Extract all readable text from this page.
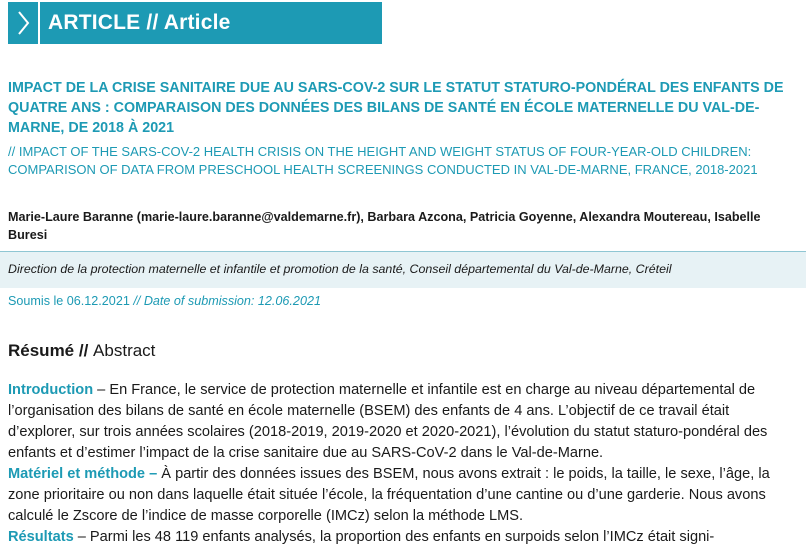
ARTICLE // Article
IMPACT DE LA CRISE SANITAIRE DUE AU SARS-COV-2 SUR LE STATUT STATURO-PONDÉRAL DES ENFANTS DE QUATRE ANS : COMPARAISON DES DONNÉES DES BILANS DE SANTÉ EN ÉCOLE MATERNELLE DU VAL-DE-MARNE, DE 2018 À 2021
// IMPACT OF THE SARS-COV-2 HEALTH CRISIS ON THE HEIGHT AND WEIGHT STATUS OF FOUR-YEAR-OLD CHILDREN: COMPARISON OF DATA FROM PRESCHOOL HEALTH SCREENINGS CONDUCTED IN VAL-DE-MARNE, FRANCE, 2018-2021
Marie-Laure Baranne (marie-laure.baranne@valdemarne.fr), Barbara Azcona, Patricia Goyenne, Alexandra Moutereau, Isabelle Buresi
Direction de la protection maternelle et infantile et promotion de la santé, Conseil départemental du Val-de-Marne, Créteil
Soumis le 06.12.2021 // Date of submission: 12.06.2021
Résumé // Abstract

Introduction – En France, le service de protection maternelle et infantile est en charge au niveau départemental de l’organisation des bilans de santé en école maternelle (BSEM) des enfants de 4 ans. L’objectif de ce travail était d’explorer, sur trois années scolaires (2018-2019, 2019-2020 et 2020-2021), l’évolution du statut staturo-pondéral des enfants et d’estimer l’impact de la crise sanitaire due au SARS-CoV-2 dans le Val-de-Marne.

Matériel et méthode – À partir des données issues des BSEM, nous avons extrait : le poids, la taille, le sexe, l’âge, la zone prioritaire ou non dans laquelle était située l’école, la fréquentation d’une cantine ou d’une garderie. Nous avons calculé le Zscore de l’indice de masse corporelle (IMCz) selon la méthode LMS.

Résultats – Parmi les 48 119 enfants analysés, la proportion des enfants en surpoids selon l’IMCz était signi-
